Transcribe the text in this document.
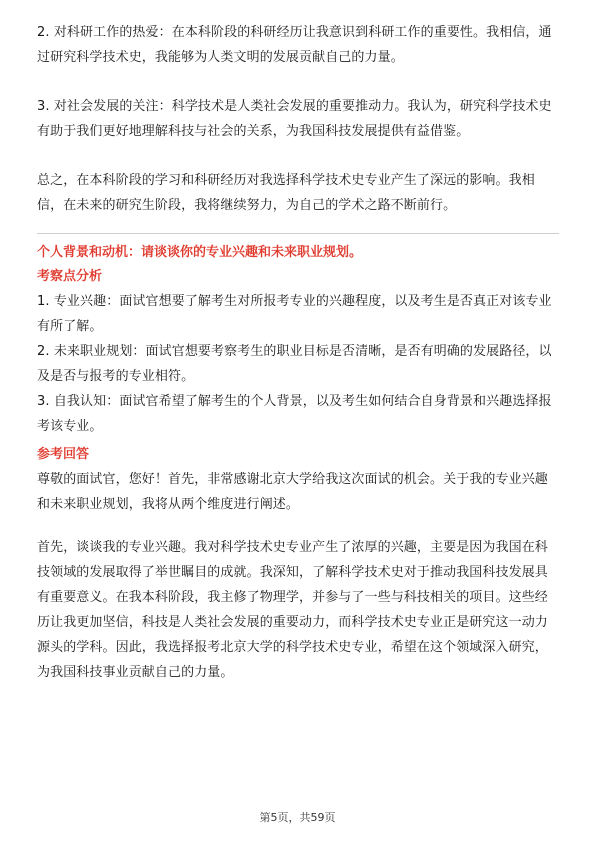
2. 对科研工作的热爱：在本科阶段的科研经历让我意识到科研工作的重要性。我相信，通过研究科学技术史，我能够为人类文明的发展贡献自己的力量。

3. 对社会发展的关注：科学技术是人类社会发展的重要推动力。我认为，研究科学技术史有助于我们更好地理解科技与社会的关系，为我国科技发展提供有益借鉴。

总之，在本科阶段的学习和科研经历对我选择科学技术史专业产生了深远的影响。我相信，在未来的研究生阶段，我将继续努力，为自己的学术之路不断前行。

个人背景和动机：请谈谈你的专业兴趣和未来职业规划。

考察点分析

1. 专业兴趣：面试官想要了解考生对所报考专业的兴趣程度，以及考生是否真正对该专业有所了解。

2. 未来职业规划：面试官想要考察考生的职业目标是否清晰，是否有明确的发展路径，以及是否与报考的专业相符。

3. 自我认知：面试官希望了解考生的个人背景，以及考生如何结合自身背景和兴趣选择报考该专业。

参考回答

尊敬的面试官，您好！首先，非常感谢北京大学给我这次面试的机会。关于我的专业兴趣和未来职业规划，我将从两个维度进行阐述。

首先，谈谈我的专业兴趣。我对科学技术史专业产生了浓厚的兴趣，主要是因为我国在科技领域的发展取得了举世瞩目的成就。我深知，了解科学技术史对于推动我国科技发展具有重要意义。在我本科阶段，我主修了物理学，并参与了一些与科技相关的项目。这些经历让我更加坚信，科技是人类社会发展的重要动力，而科学技术史专业正是研究这一动力源头的学科。因此，我选择报考北京大学的科学技术史专业，希望在这个领域深入研究，为我国科技事业贡献自己的力量。

第5页，共59页
